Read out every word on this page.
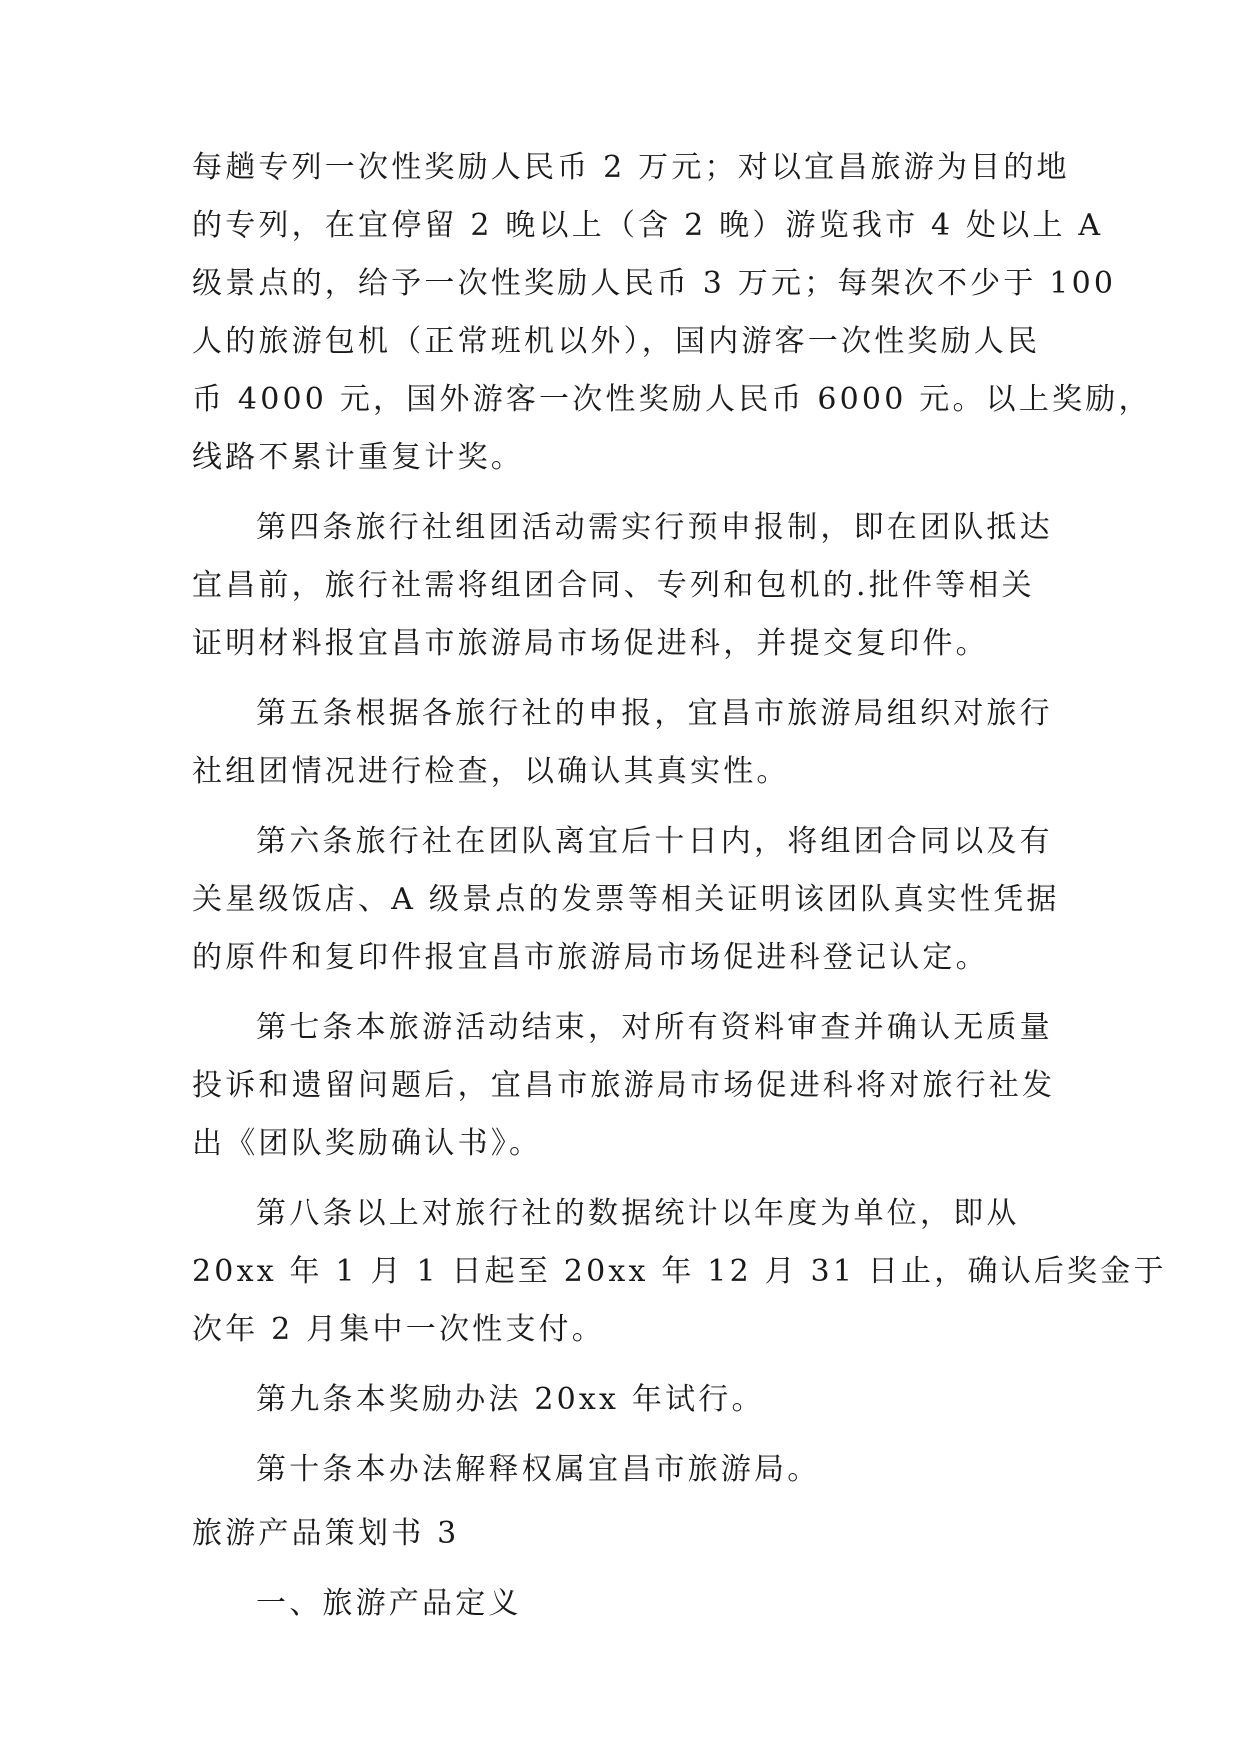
每趟专列一次性奖励人民币 2 万元；对以宜昌旅游为目的地
的专列，在宜停留 2 晚以上（含 2 晚）游览我市 4 处以上 A
级景点的，给予一次性奖励人民币 3 万元；每架次不少于 100
人的旅游包机（正常班机以外），国内游客一次性奖励人民
币 4000 元，国外游客一次性奖励人民币 6000 元。以上奖励，
线路不累计重复计奖。
第四条旅行社组团活动需实行预申报制，即在团队抵达
宜昌前，旅行社需将组团合同、专列和包机的.批件等相关
证明材料报宜昌市旅游局市场促进科，并提交复印件。
第五条根据各旅行社的申报，宜昌市旅游局组织对旅行
社组团情况进行检查，以确认其真实性。
第六条旅行社在团队离宜后十日内，将组团合同以及有
关星级饭店、A 级景点的发票等相关证明该团队真实性凭据
的原件和复印件报宜昌市旅游局市场促进科登记认定。
第七条本旅游活动结束，对所有资料审查并确认无质量
投诉和遗留问题后，宜昌市旅游局市场促进科将对旅行社发
出《团队奖励确认书》。
第八条以上对旅行社的数据统计以年度为单位，即从
20xx 年 1 月 1 日起至 20xx 年 12 月 31 日止，确认后奖金于
次年 2 月集中一次性支付。
第九条本奖励办法 20xx 年试行。
第十条本办法解释权属宜昌市旅游局。
旅游产品策划书 3
一、旅游产品定义
